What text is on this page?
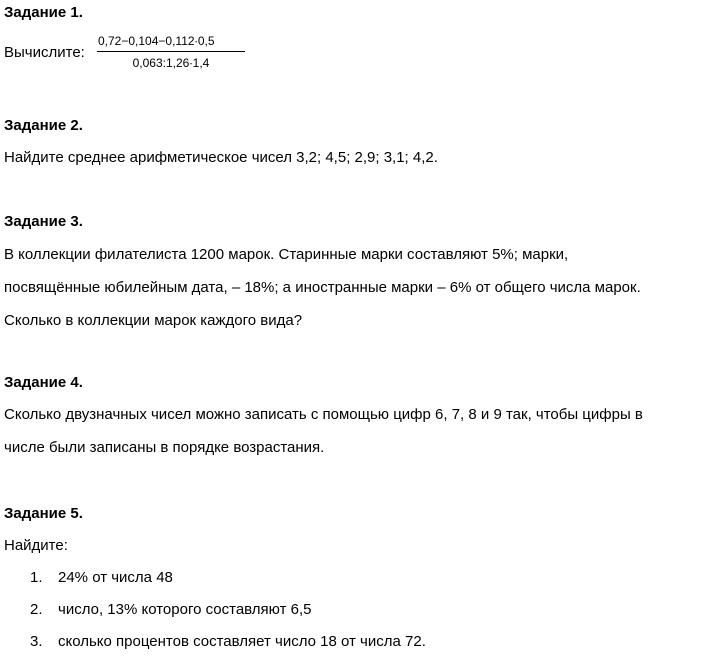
Задание 1.
Вычислите:
0,72−0,104−0,112∙0,5
0,063:1,26∙1,4
Задание 2.
Найдите среднее арифметическое чисел 3,2; 4,5; 2,9; 3,1; 4,2.
Задание 3.
В коллекции филателиста 1200 марок. Старинные марки составляют 5%; марки,
посвящённые юбилейным дата, – 18%; а иностранные марки – 6% от общего числа марок.
Сколько в коллекции марок каждого вида?
Задание 4.
Сколько двузначных чисел можно записать с помощью цифр 6, 7, 8 и 9 так, чтобы цифры в
числе были записаны в порядке возрастания.
Задание 5.
Найдите:
1. 24% от числа 48
2. число, 13% которого составляют 6,5
3. сколько процентов составляет число 18 от числа 72.
